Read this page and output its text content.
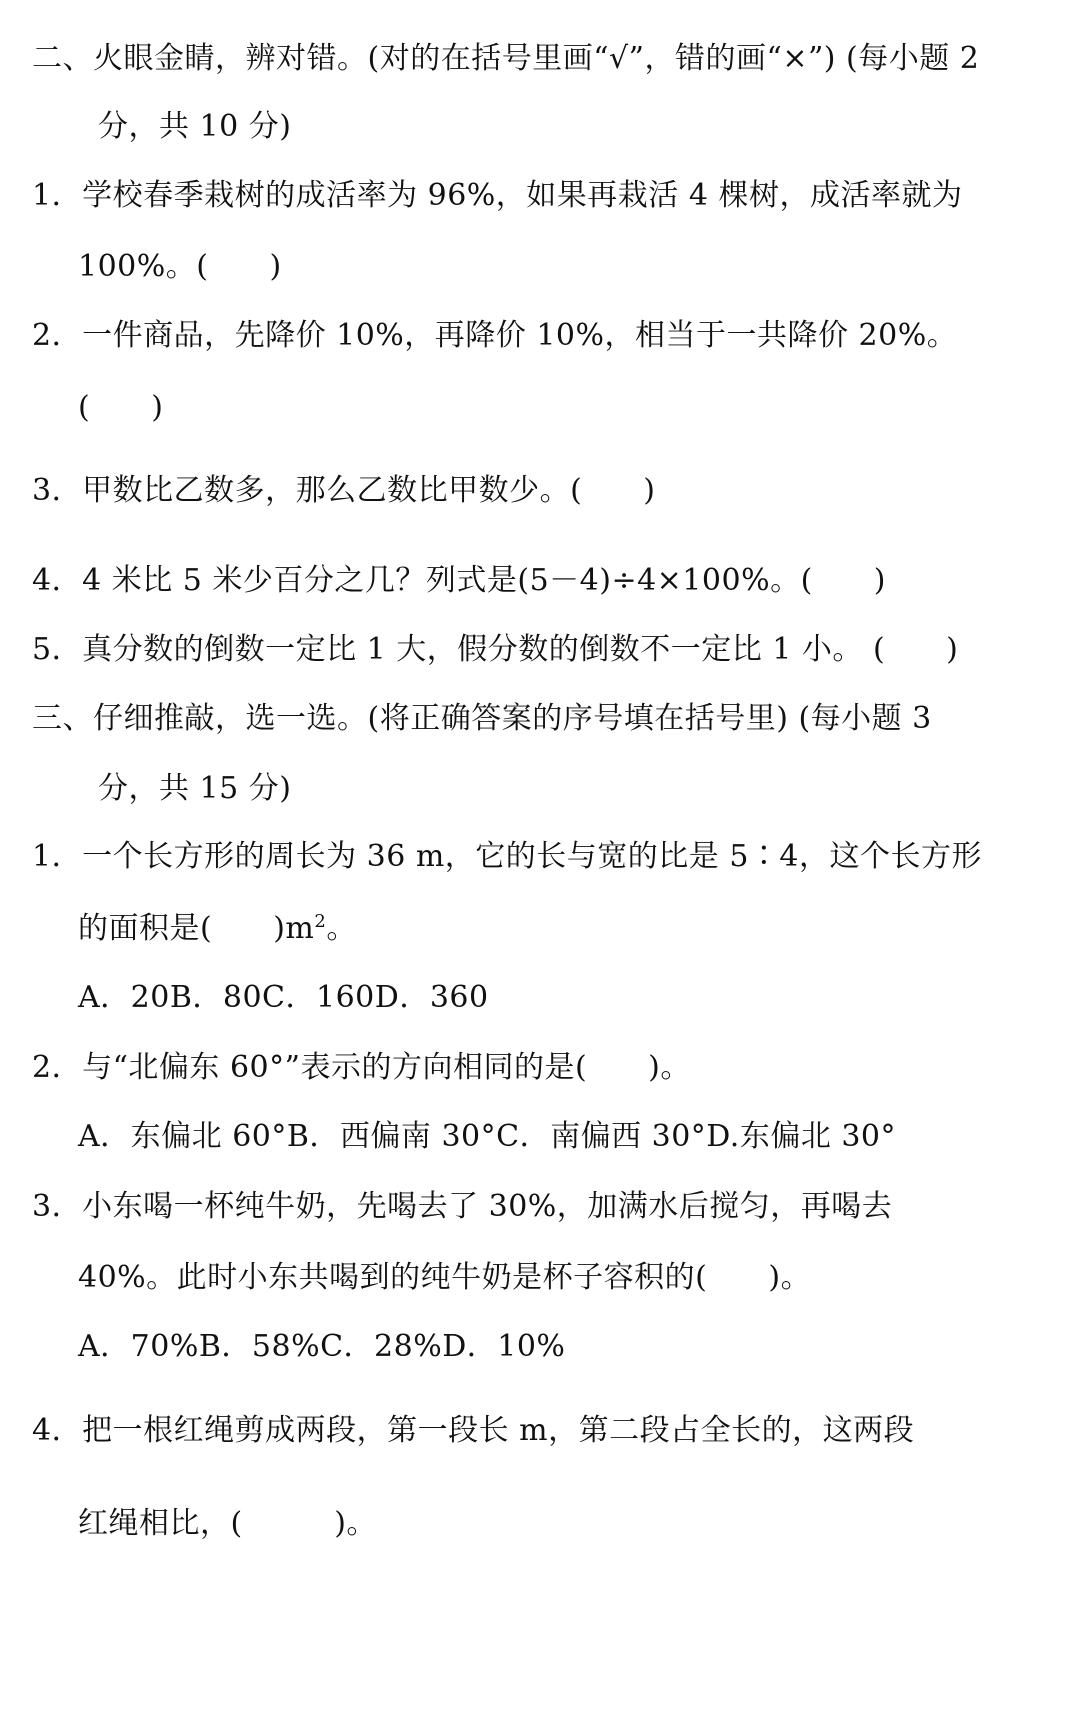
二、火眼金睛，辨对错。(对的在括号里画“√”，错的画“×”) (每小题 2
分，共 10 分)
1．学校春季栽树的成活率为 96%，如果再栽活 4 棵树，成活率就为
100%。(　　)
2．一件商品，先降价 10%，再降价 10%，相当于一共降价 20%。
(　　)
3．甲数比乙数多，那么乙数比甲数少。(　　)
4．4 米比 5 米少百分之几？列式是(5－4)÷4×100%。(　　)
5．真分数的倒数一定比 1 大，假分数的倒数不一定比 1 小。 (　　)
三、仔细推敲，选一选。(将正确答案的序号填在括号里) (每小题 3
分，共 15 分)
1．一个长方形的周长为 36 m，它的长与宽的比是 5∶4，这个长方形
的面积是(　　)$m^2$。
A．20B．80C．160D．360
2．与“北偏东 60°”表示的方向相同的是(　　)。
A．东偏北 60°B．西偏南 30°C．南偏西 30°D.东偏北 30°
3．小东喝一杯纯牛奶，先喝去了 30%，加满水后搅匀，再喝去
40%。此时小东共喝到的纯牛奶是杯子容积的(　　)。
A．70%B．58%C．28%D．10%
4．把一根红绳剪成两段，第一段长 m，第二段占全长的，这两段
红绳相比，(　　　)。
